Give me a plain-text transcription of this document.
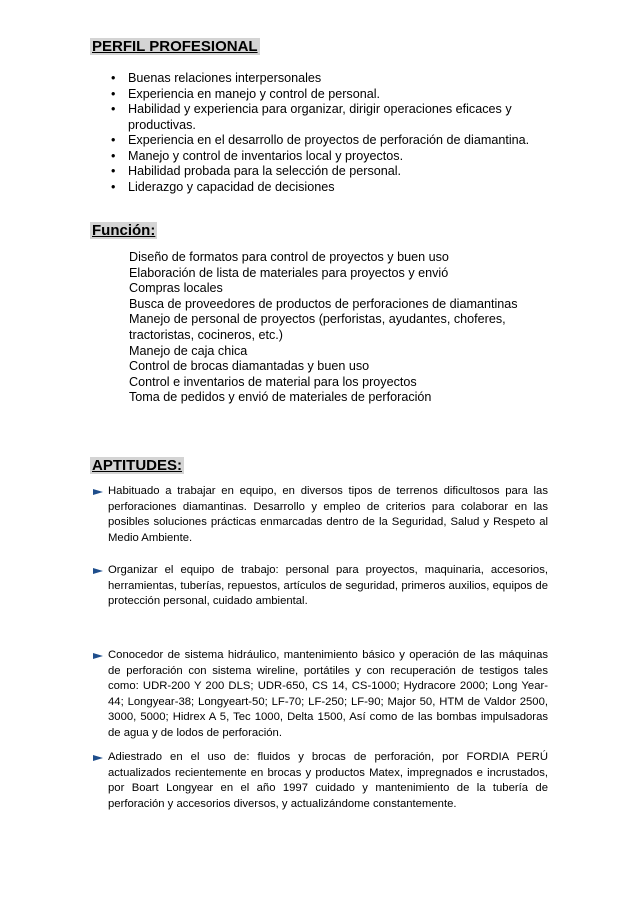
PERFIL PROFESIONAL
• Buenas relaciones interpersonales
• Experiencia en manejo y control de personal.
• Habilidad y experiencia para organizar, dirigir operaciones eficaces y productivas.
• Experiencia en el desarrollo de proyectos de perforación de diamantina.
• Manejo y control de inventarios local y proyectos.
• Habilidad probada para la selección de personal.
• Liderazgo y capacidad de decisiones
Función:
Diseño de formatos para control de proyectos y buen uso
Elaboración de lista de materiales para proyectos y envió
Compras locales
Busca de proveedores de productos de perforaciones de diamantinas
Manejo de personal de proyectos (perforistas, ayudantes, choferes, tractoristas, cocineros, etc.)
Manejo de caja chica
Control de brocas diamantadas y buen uso
Control e inventarios de material para los proyectos
Toma de pedidos y envió de materiales de perforación
APTITUDES:

Habituado a trabajar en equipo, en diversos tipos de terrenos dificultosos para las perforaciones diamantinas. Desarrollo y empleo de criterios para colaborar en las posibles soluciones prácticas enmarcadas dentro de la Seguridad, Salud y Respeto al Medio Ambiente.

Organizar el equipo de trabajo: personal para proyectos, maquinaria, accesorios, herramientas, tuberías, repuestos, artículos de seguridad, primeros auxilios, equipos de protección personal, cuidado ambiental.

Conocedor de sistema hidráulico, mantenimiento básico y operación de las máquinas de perforación con sistema wireline, portátiles y con recuperación de testigos tales como: UDR-200 Y 200 DLS; UDR-650, CS 14, CS-1000; Hydracore 2000; Long Year-44; Longyear-38; Longyeart-50; LF-70; LF-250; LF-90; Major 50, HTM de Valdor 2500, 3000, 5000; Hidrex A 5, Tec 1000, Delta 1500, Así como de las bombas impulsadoras de agua y de lodos de perforación.

Adiestrado en el uso de: fluidos y brocas de perforación, por FORDIA PERÚ actualizados recientemente en brocas y productos Matex, impregnados e incrustados, por Boart Longyear en el año 1997 cuidado y mantenimiento de la tubería de perforación y accesorios diversos, y actualizándome constantemente.
